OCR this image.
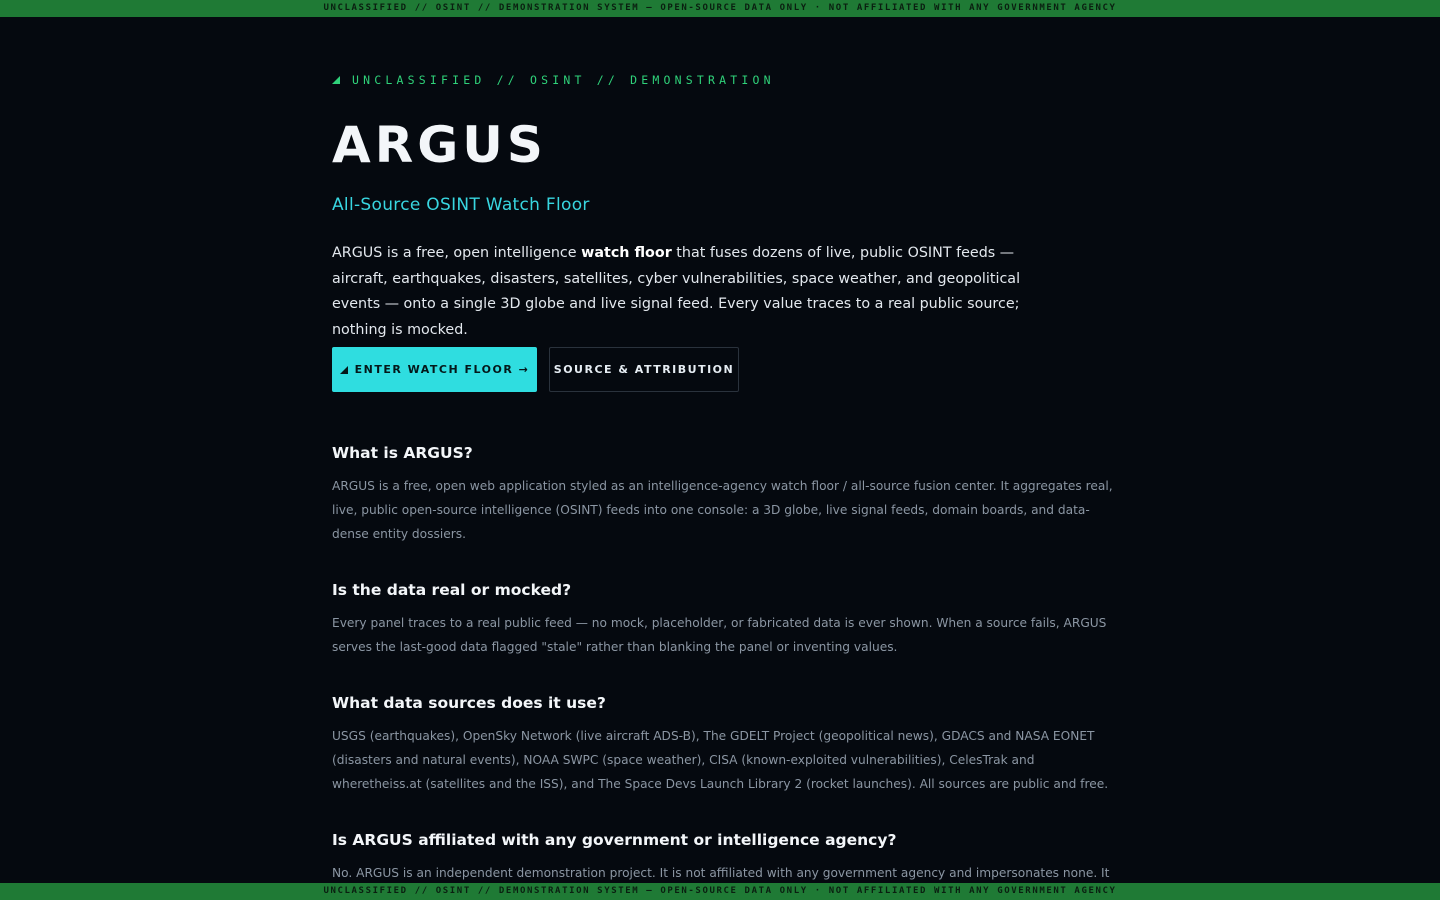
UNCLASSIFIED // OSINT // DEMONSTRATION SYSTEM — OPEN-SOURCE DATA ONLY · NOT AFFILIATED WITH ANY GOVERNMENT AGENCY
UNCLASSIFIED // OSINT // DEMONSTRATION
ARGUS
All-Source OSINT Watch Floor

ARGUS is a free, open intelligence watch floor that fuses dozens of live, public OSINT feeds — aircraft, earthquakes, disasters, satellites, cyber vulnerabilities, space weather, and geopolitical events — onto a single 3D globe and live signal feed. Every value traces to a real public source; nothing is mocked.

ENTER WATCH FLOOR → SOURCE & ATTRIBUTION
What is ARGUS?

ARGUS is a free, open web application styled as an intelligence-agency watch floor / all-source fusion center. It aggregates real, live, public open-source intelligence (OSINT) feeds into one console: a 3D globe, live signal feeds, domain boards, and data-dense entity dossiers.

Is the data real or mocked?

Every panel traces to a real public feed — no mock, placeholder, or fabricated data is ever shown. When a source fails, ARGUS serves the last-good data flagged "stale" rather than blanking the panel or inventing values.

What data sources does it use?

USGS (earthquakes), OpenSky Network (live aircraft ADS-B), The GDELT Project (geopolitical news), GDACS and NASA EONET (disasters and natural events), NOAA SWPC (space weather), CISA (known-exploited vulnerabilities), CelesTrak and wheretheiss.at (satellites and the ISS), and The Space Devs Launch Library 2 (rocket launches). All sources are public and free.

Is ARGUS affiliated with any government or intelligence agency?

No. ARGUS is an independent demonstration project. It is not affiliated with any government agency and impersonates none. It

UNCLASSIFIED // OSINT // DEMONSTRATION SYSTEM — OPEN-SOURCE DATA ONLY · NOT AFFILIATED WITH ANY GOVERNMENT AGENCY
